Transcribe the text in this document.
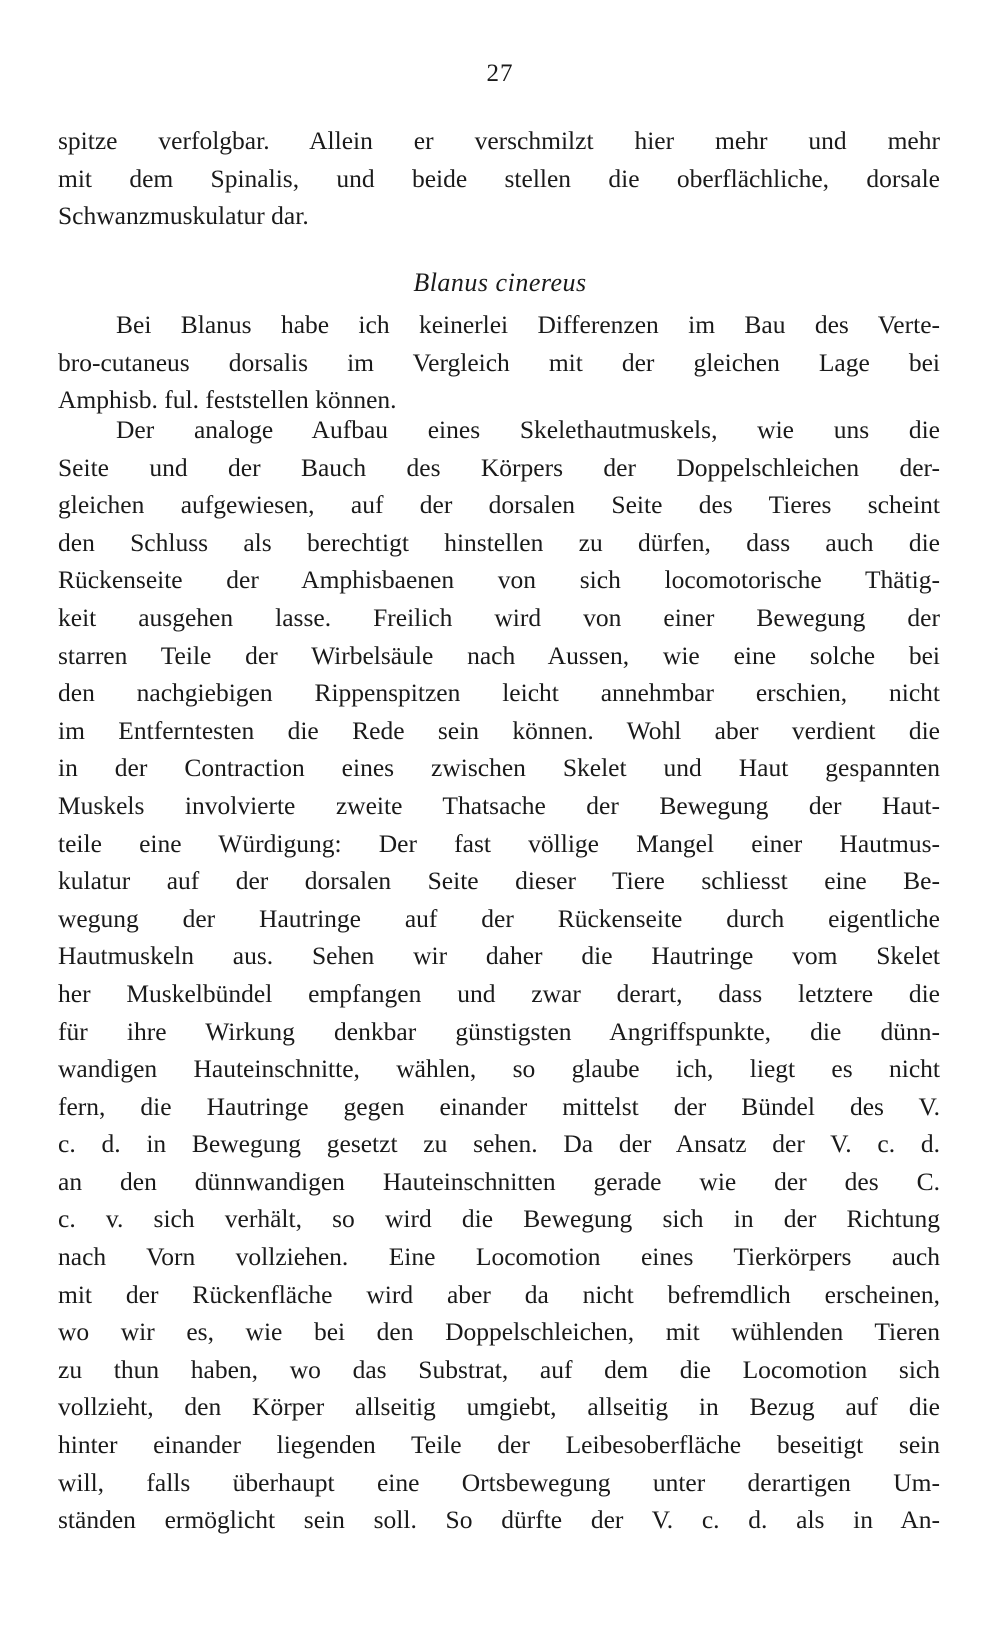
27
spitze verfolgbar. Allein er verschmilzt hier mehr und mehr
mit dem Spinalis, und beide stellen die oberflächliche, dorsale
Schwanzmuskulatur dar.
Blanus cinereus
Bei Blanus habe ich keinerlei Differenzen im Bau des Verte-
bro-cutaneus dorsalis im Vergleich mit der gleichen Lage bei
Amphisb. ful. feststellen können.
Der analoge Aufbau eines Skelethautmuskels, wie uns die
Seite und der Bauch des Körpers der Doppelschleichen der-
gleichen aufgewiesen, auf der dorsalen Seite des Tieres scheint
den Schluss als berechtigt hinstellen zu dürfen, dass auch die
Rückenseite der Amphisbaenen von sich locomotorische Thätig-
keit ausgehen lasse. Freilich wird von einer Bewegung der
starren Teile der Wirbelsäule nach Aussen, wie eine solche bei
den nachgiebigen Rippenspitzen leicht annehmbar erschien, nicht
im Entferntesten die Rede sein können. Wohl aber verdient die
in der Contraction eines zwischen Skelet und Haut gespannten
Muskels involvierte zweite Thatsache der Bewegung der Haut-
teile eine Würdigung: Der fast völlige Mangel einer Hautmus-
kulatur auf der dorsalen Seite dieser Tiere schliesst eine Be-
wegung der Hautringe auf der Rückenseite durch eigentliche
Hautmuskeln aus. Sehen wir daher die Hautringe vom Skelet
her Muskelbündel empfangen und zwar derart, dass letztere die
für ihre Wirkung denkbar günstigsten Angriffspunkte, die dünn-
wandigen Hauteinschnitte, wählen, so glaube ich, liegt es nicht
fern, die Hautringe gegen einander mittelst der Bündel des V.
c. d. in Bewegung gesetzt zu sehen. Da der Ansatz der V. c. d.
an den dünnwandigen Hauteinschnitten gerade wie der des C.
c. v. sich verhält, so wird die Bewegung sich in der Richtung
nach Vorn vollziehen. Eine Locomotion eines Tierkörpers auch
mit der Rückenfläche wird aber da nicht befremdlich erscheinen,
wo wir es, wie bei den Doppelschleichen, mit wühlenden Tieren
zu thun haben, wo das Substrat, auf dem die Locomotion sich
vollzieht, den Körper allseitig umgiebt, allseitig in Bezug auf die
hinter einander liegenden Teile der Leibesoberfläche beseitigt sein
will, falls überhaupt eine Ortsbewegung unter derartigen Um-
ständen ermöglicht sein soll. So dürfte der V. c. d. als in An-
